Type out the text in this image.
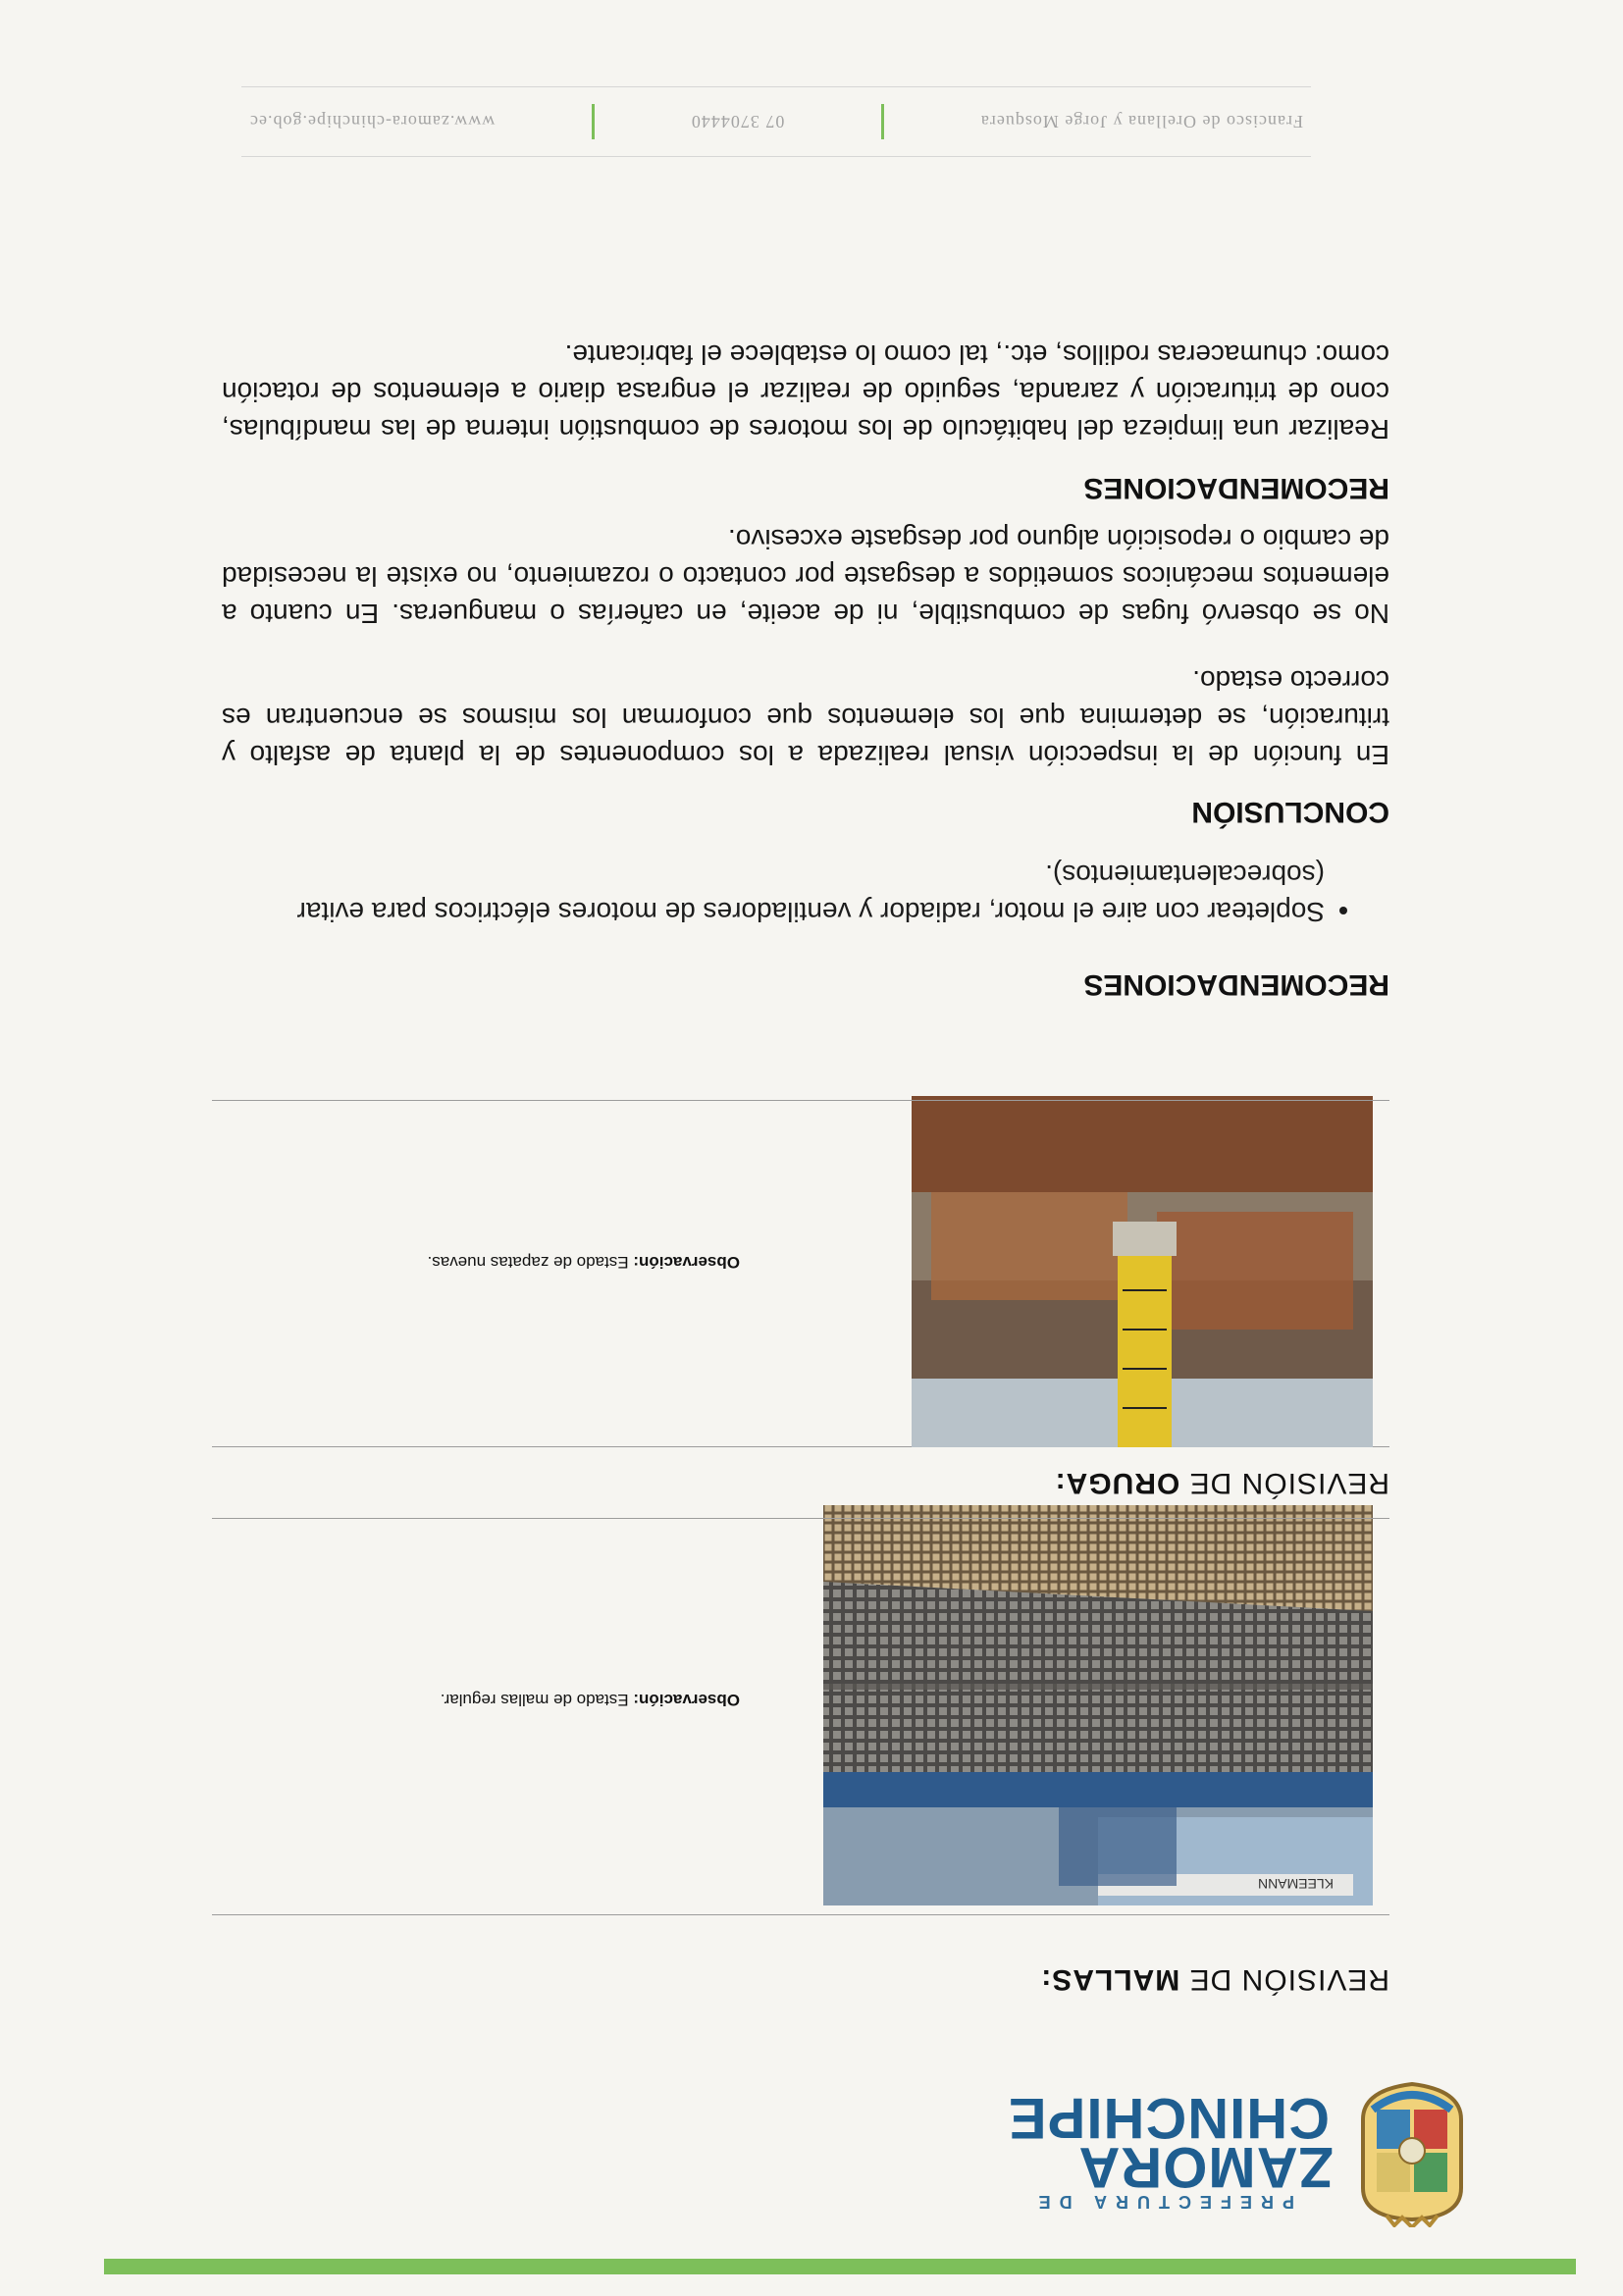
PREFECTURA DE
ZAMORA
CHINCHIPE
REVISIÓN DE MALLAS:
KLEEMANN
Observación: Estado de mallas regular.
REVISIÓN DE ORUGA:
Observación: Estado de zapatas nuevas.
RECOMENDACIONES
• Sopletear con aire el motor, radiador y ventiladores de motores eléctricos para evitar (sobrecalentamientos).
CONCLUSIÓN
En función de la inspección visual realizada a los componentes de la planta de asfalto y trituración, se determina que los elementos que conforman los mismos se encuentran es correcto estado.
No se observó fugas de combustible, ni de aceite, en cañerías o mangueras. En cuanto a elementos mecánicos sometidos a desgaste por contacto o rozamiento, no existe la necesidad de cambio o reposición alguno por desgaste excesivo.
RECOMENDACIONES
Realizar una limpieza del habitáculo de los motores de combustión interna de las mandíbulas, cono de trituración y zaranda, seguido de realizar el engrasa diario a elementos de rotación como: chumaceras rodillos, etc., tal como lo establece el fabricante.
Francisco de Orellana y Jorge Mosquera
07 3704440
www.zamora-chinchipe.gob.ec
